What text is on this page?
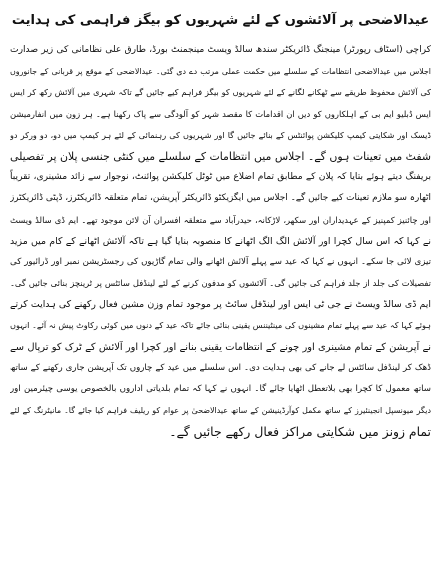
عیدالاضحی پر آلائشوں کے لئے شہریوں کو بیگز فراہمی کی ہدایت
کراچی (اسٹاف رپورٹر) مینجنگ ڈائریکٹر سندھ سالڈ ویسٹ مینجمنٹ بورڈ، طارق علی نظامانی کی زیر صدارت
اجلاس میں عیدالاضحی انتظامات کے سلسلے میں حکمت عملی مرتب دے دی گئی۔ عیدالاضحی کے موقع پر قربانی کے جانوروں
کی آلائش محفوظ طریقے سے ٹھکانے لگانے کے لئے شہریوں کو بیگز فراہم کیے جائیں گے تاکہ شہری میں آلائش رکھ کر ایس
ایس ڈبلیو ایم بی کے اہلکاروں کو دیں ان اقدامات کا مقصد شہر کو آلودگی سے پاک رکھنا ہے۔ ہر زون میں انفارمیشن
ڈیسک اور شکایتی کیمپ کلیکشن پوائنٹس کے بنائے جائیں گا اور شہریوں کی رہنمائی کے لئے ہر کیمپ میں دو، دو ورکر دو
شفٹ میں تعینات ہوں گے۔ اجلاس میں انتظامات کے سلسلے میں کنٹی جنسی پلان پر تفصیلی
بریفنگ دیتے ہوئے بتایا کہ پلان کے مطابق تمام اضلاع میں ٹوٹل کلیکشن پوائنٹ، نوجوار سے زائد مشینری، تقریباً
اٹھارہ سو ملازم تعینات کیے جائیں گے۔ اجلاس میں ایگزیکٹو ڈائریکٹر آپریشن، تمام متعلقہ ڈائریکٹرز، ڈپٹی ڈائریکٹرز
اور چائنیز کمپنیز کے عہدیداران اور سکھر، لاڑکانہ، حیدرآباد سے متعلقہ افسران آن لائن موجود تھے۔ ایم ڈی سالڈ ویسٹ
نے کہا کہ اس سال کچرا اور آلائش الگ الگ اٹھانے کا منصوبہ بنایا گیا ہے تاکہ آلائش اٹھانے کے کام میں مزید
تیزی لائی جا سکے۔ انہوں نے کہا کہ عید سے پہلے آلائش اٹھانے والی تمام گاڑیوں کی رجسٹریشن نمبر اور ڈرائیور کی
تفصیلات کی جلد از جلد فراہم کی جائیں گی۔ آلائشوں کو مدفون کرنے کے لئے لینڈفل سائٹس پر ٹرینچز بنائی جائیں گی۔
ایم ڈی سالڈ ویسٹ نے جی ٹی ایس اور لینڈفل سائٹ پر موجود تمام وزن مشین فعال رکھنے کی ہدایت کرتے
ہوئے کہا کہ عید سے پہلے تمام مشینوں کی مینٹیننس یقینی بنائی جائے تاکہ عید کے دنوں میں کوئی رکاوٹ پیش نہ آئے۔ انہوں
نے آپریشن کے تمام مشینری اور چونے کے انتظامات یقینی بنانے اور کچرا اور آلائش کے ٹرک کو ترپال سے
ڈھک کر لینڈفل سائٹس لے جانے کی بھی ہدایت دی۔ اس سلسلے میں عید کے چاروں تک آپریشن جاری رکھنے کے ساتھ
ساتھ معمول کا کچرا بھی بلاتعطل اٹھایا جائے گا۔ انہوں نے کہا کہ تمام بلدیاتی اداروں بالخصوص یوسی چیئرمین اور
دیگر میونسپل انجینئیرز کے ساتھ مکمل کوآرڈینیشن کے ساتھ عیدالاضحیٰ پر عوام کو ریلیف فراہم کیا جائے گا۔ مانیٹرنگ کے لئے
تمام زونز میں شکایتی مراکز فعال رکھے جائیں گے۔
